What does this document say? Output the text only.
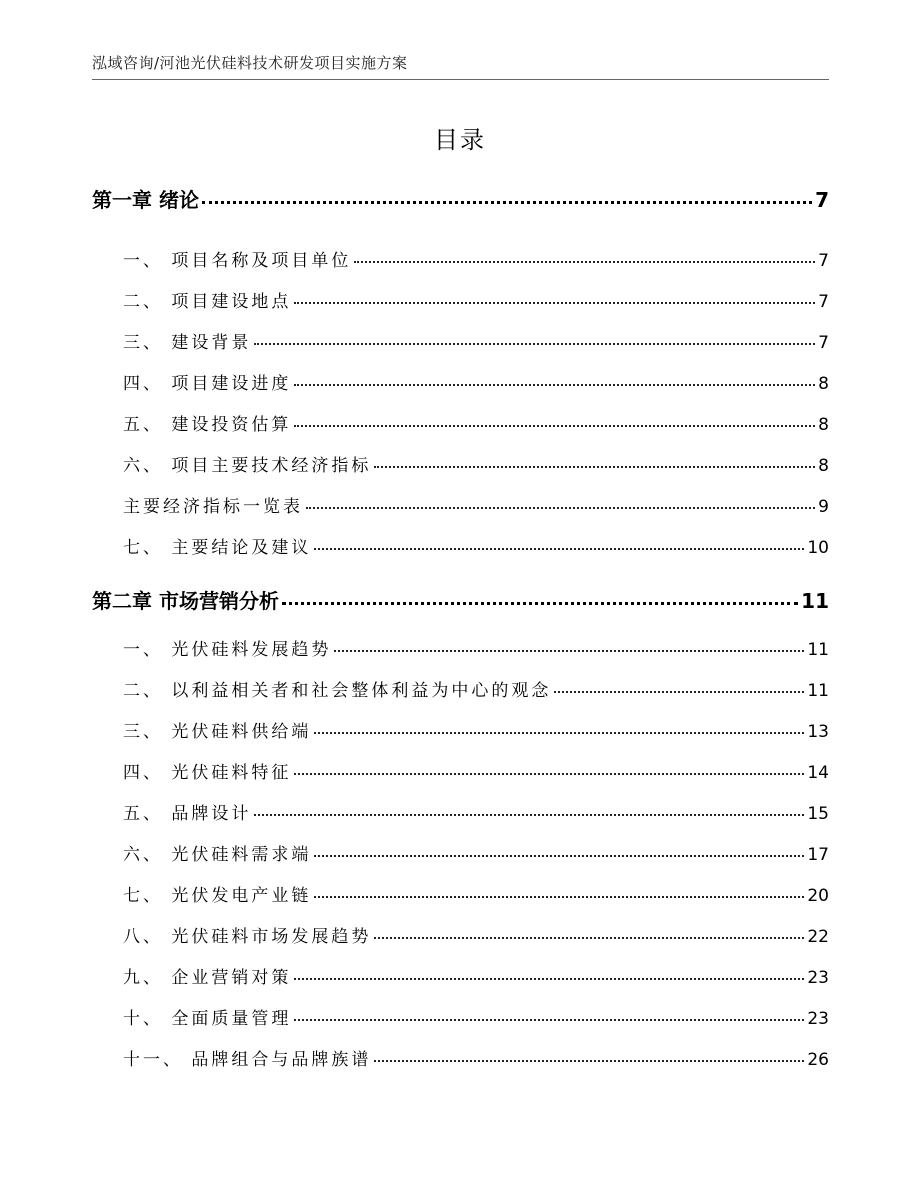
泓域咨询/河池光伏硅料技术研发项目实施方案
目录
第一章 绪论	7
一、 项目名称及项目单位	7
二、 项目建设地点	7
三、 建设背景	7
四、 项目建设进度	8
五、 建设投资估算	8
六、 项目主要技术经济指标	8
主要经济指标一览表	9
七、 主要结论及建议	10
第二章 市场营销分析	11
一、 光伏硅料发展趋势	11
二、 以利益相关者和社会整体利益为中心的观念	11
三、 光伏硅料供给端	13
四、 光伏硅料特征	14
五、 品牌设计	15
六、 光伏硅料需求端	17
七、 光伏发电产业链	20
八、 光伏硅料市场发展趋势	22
九、 企业营销对策	23
十、 全面质量管理	23
十一、 品牌组合与品牌族谱	26
